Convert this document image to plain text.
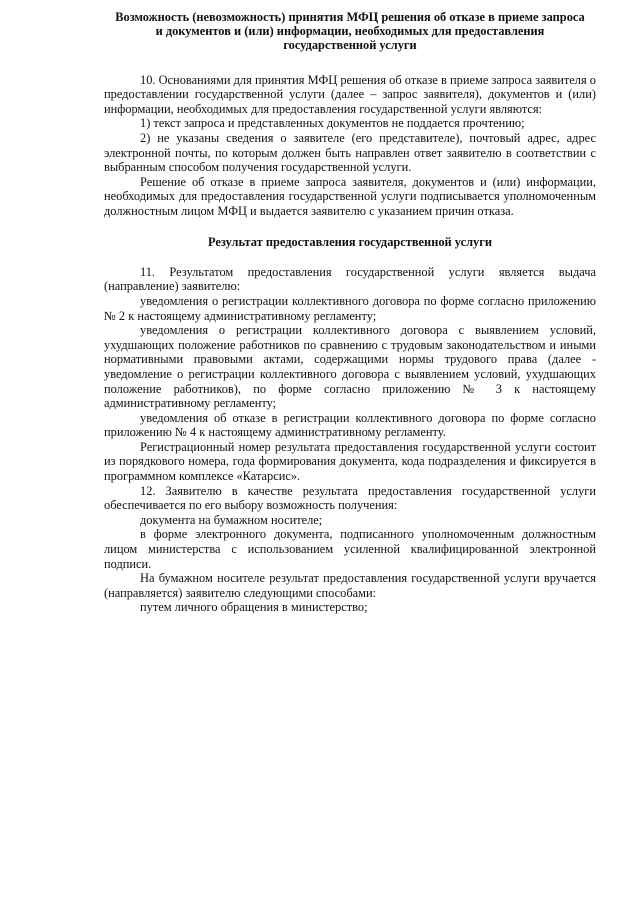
Возможность (невозможность) принятия МФЦ решения об отказе в приеме запроса и документов и (или) информации, необходимых для предоставления государственной услуги

10. Основаниями для принятия МФЦ решения об отказе в приеме запроса заявителя о предоставлении государственной услуги (далее – запрос заявителя), документов и (или) информации, необходимых для предоставления государственной услуги являются:

1) текст запроса и представленных документов не поддается прочтению;

2) не указаны сведения о заявителе (его представителе), почтовый адрес, адрес электронной почты, по которым должен быть направлен ответ заявителю в соответствии с выбранным способом получения государственной услуги.

Решение об отказе в приеме запроса заявителя, документов и (или) информации, необходимых для предоставления государственной услуги подписывается уполномоченным должностным лицом МФЦ и выдается заявителю с указанием причин отказа.

Результат предоставления государственной услуги

11. Результатом предоставления государственной услуги является выдача (направление) заявителю:

уведомления о регистрации коллективного договора по форме согласно приложению № 2 к настоящему административному регламенту;

уведомления о регистрации коллективного договора с выявлением условий, ухудшающих положение работников по сравнению с трудовым законодательством и иными нормативными правовыми актами, содержащими нормы трудового права (далее - уведомление о регистрации коллективного договора с выявлением условий, ухудшающих положение работников), по форме согласно приложению № 3 к настоящему административному регламенту;

уведомления об отказе в регистрации коллективного договора по форме согласно приложению № 4 к настоящему административному регламенту.

Регистрационный номер результата предоставления государственной услуги состоит из порядкового номера, года формирования документа, кода подразделения и фиксируется в программном комплексе «Катарсис».

12. Заявителю в качестве результата предоставления государственной услуги обеспечивается по его выбору возможность получения:

документа на бумажном носителе;

в форме электронного документа, подписанного уполномоченным должностным лицом министерства с использованием усиленной квалифицированной электронной подписи.

На бумажном носителе результат предоставления государственной услуги вручается (направляется) заявителю следующими способами:

путем личного обращения в министерство;
